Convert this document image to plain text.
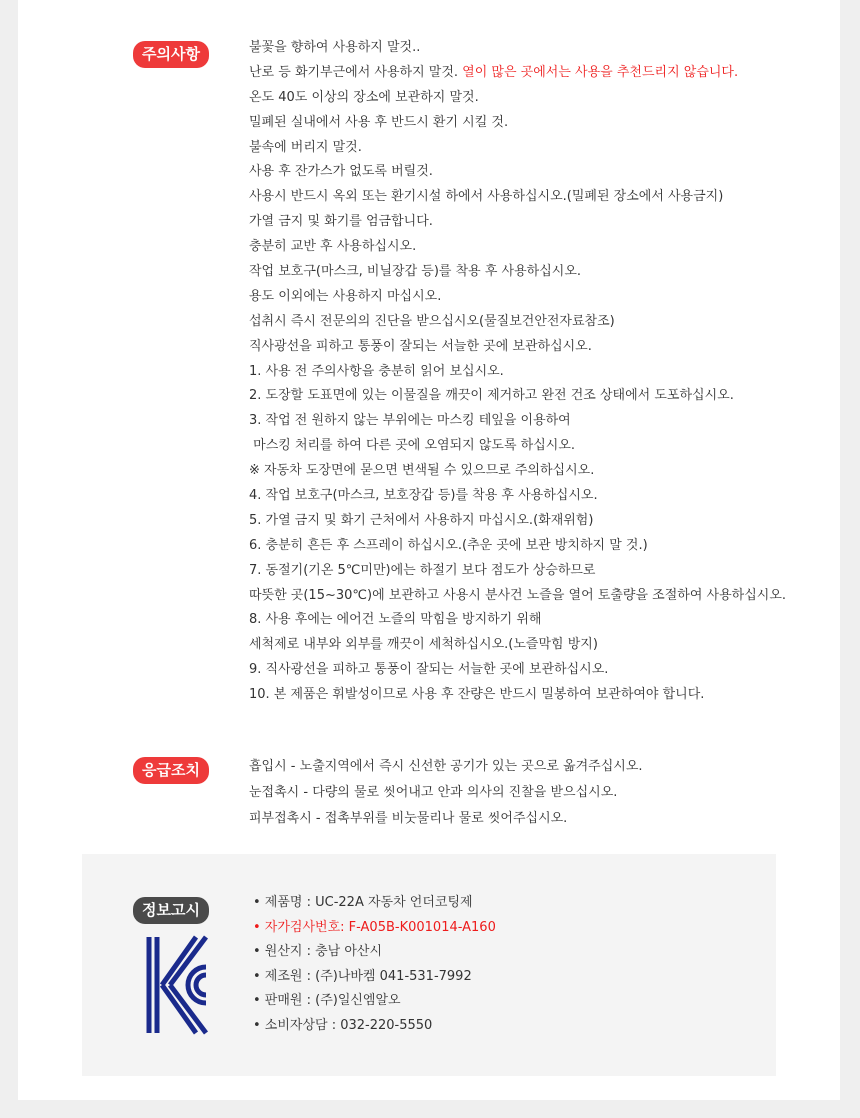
주의사항	불꽃을 향하여 사용하지 말것..
난로 등 화기부근에서 사용하지 말것. 열이 많은 곳에서는 사용을 추천드리지 않습니다.
온도 40도 이상의 장소에 보관하지 말것.
밀폐된 실내에서 사용 후 반드시 환기 시킬 것.
불속에 버리지 말것.
사용 후 잔가스가 없도록 버릴것.
사용시 반드시 옥외 또는 환기시설 하에서 사용하십시오.(밀폐된 장소에서 사용금지)
가열 금지 및 화기를 엄금합니다.
충분히 교반 후 사용하십시오.
작업 보호구(마스크, 비닐장갑 등)를 착용 후 사용하십시오.
용도 이외에는 사용하지 마십시오.
섭취시 즉시 전문의의 진단을 받으십시오(물질보건안전자료참조)
직사광선을 피하고 통풍이 잘되는 서늘한 곳에 보관하십시오.
1. 사용 전 주의사항을 충분히 읽어 보십시오.
2. 도장할 도표면에 있는 이물질을 깨끗이 제거하고 완전 건조 상태에서 도포하십시오.
3. 작업 전 원하지 않는 부위에는 마스킹 테잎을 이용하여
마스킹 처리를 하여 다른 곳에 오염되지 않도록 하십시오.
※ 자동차 도장면에 묻으면 변색될 수 있으므로 주의하십시오.
4. 작업 보호구(마스크, 보호장갑 등)를 착용 후 사용하십시오.
5. 가열 금지 및 화기 근처에서 사용하지 마십시오.(화재위험)
6. 충분히 흔든 후 스프레이 하십시오.(추운 곳에 보관 방치하지 말 것.)
7. 동절기(기온 5℃미만)에는 하절기 보다 점도가 상승하므로
따뜻한 곳(15~30℃)에 보관하고 사용시 분사건 노즐을 열어 토출량을 조절하여 사용하십시오.
8. 사용 후에는 에어건 노즐의 막힘을 방지하기 위해
세척제로 내부와 외부를 깨끗이 세척하십시오.(노즐막힘 방지)
9. 직사광선을 피하고 통풍이 잘되는 서늘한 곳에 보관하십시오.
10. 본 제품은 휘발성이므로 사용 후 잔량은 반드시 밀봉하여 보관하여야 합니다.
응급조치	흡입시 - 노출지역에서 즉시 신선한 공기가 있는 곳으로 옮겨주십시오.
눈접촉시 - 다량의 물로 씻어내고 안과 의사의 진찰을 받으십시오.
피부접촉시 - 접촉부위를 비눗물리나 물로 씻어주십시오.
정보고시	• 제품명 : UC-22A 자동차 언더코팅제
• 자가검사번호: F-A05B-K001014-A160
• 원산지 : 충남 아산시
• 제조원 : (주)나바켐 041-531-7992
• 판매원 : (주)일신엠알오
• 소비자상담 : 032-220-5550
